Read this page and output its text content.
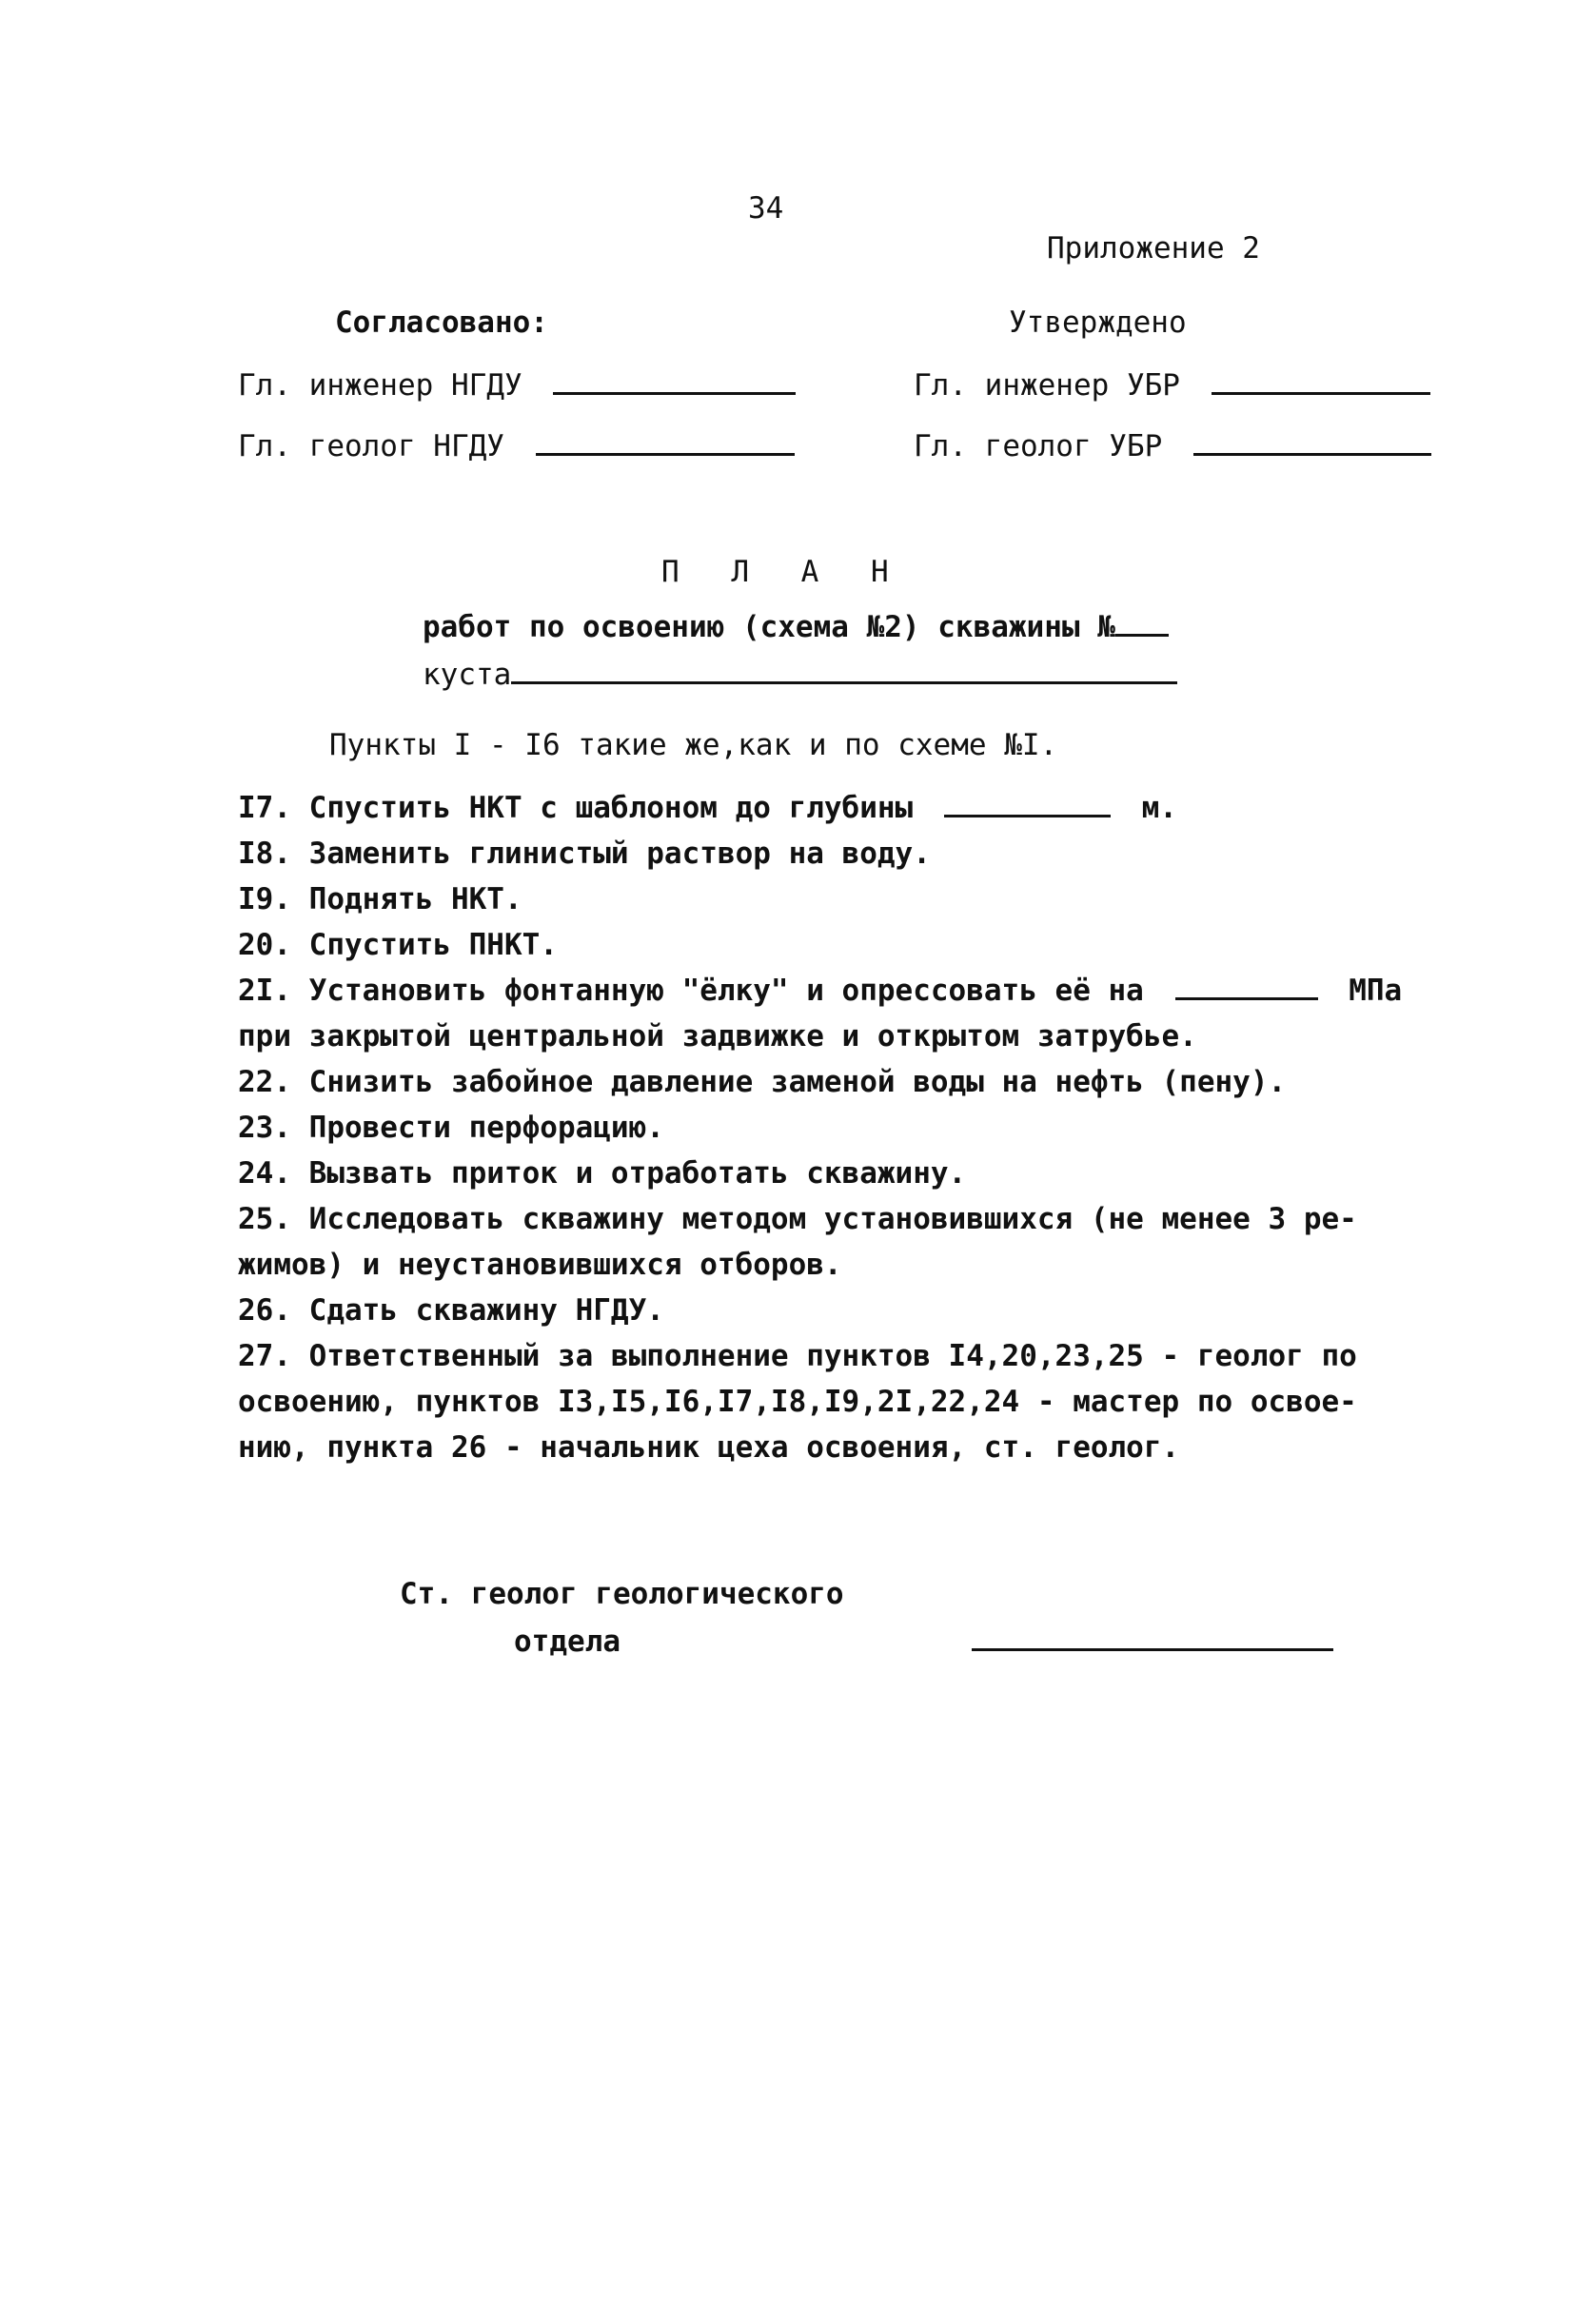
34
Приложение 2
Согласовано:	Утверждено
Гл. инженер НГДУ
Гл. геолог НГДУ
Гл. инженер УБР
Гл. геолог УБР
П Л А Н
работ по освоению (схема №2) скважины №
куста
Пункты I - I6 такие же,как и по схеме №I.
I7. Спустить НКТ с шаблоном до глубины	м.
I8. Заменить глинистый раствор на воду.
I9. Поднять НКТ.
20. Спустить ПНКТ.
2I. Установить фонтанную "ёлку" и опрессовать её на	МПа
при закрытой центральной задвижке и открытом затрубье.
22. Снизить забойное давление заменой воды на нефть (пену).
23. Провести перфорацию.
24. Вызвать приток и отработать скважину.
25. Исследовать скважину методом установившихся (не менее 3 ре-
жимов) и неустановившихся отборов.
26. Сдать скважину НГДУ.
27. Ответственный за выполнение пунктов I4,20,23,25 - геолог по
освоению, пунктов I3,I5,I6,I7,I8,I9,2I,22,24 - мастер по освое-
нию, пункта 26 - начальник цеха освоения, ст. геолог.
Ст. геолог геологического
отдела
